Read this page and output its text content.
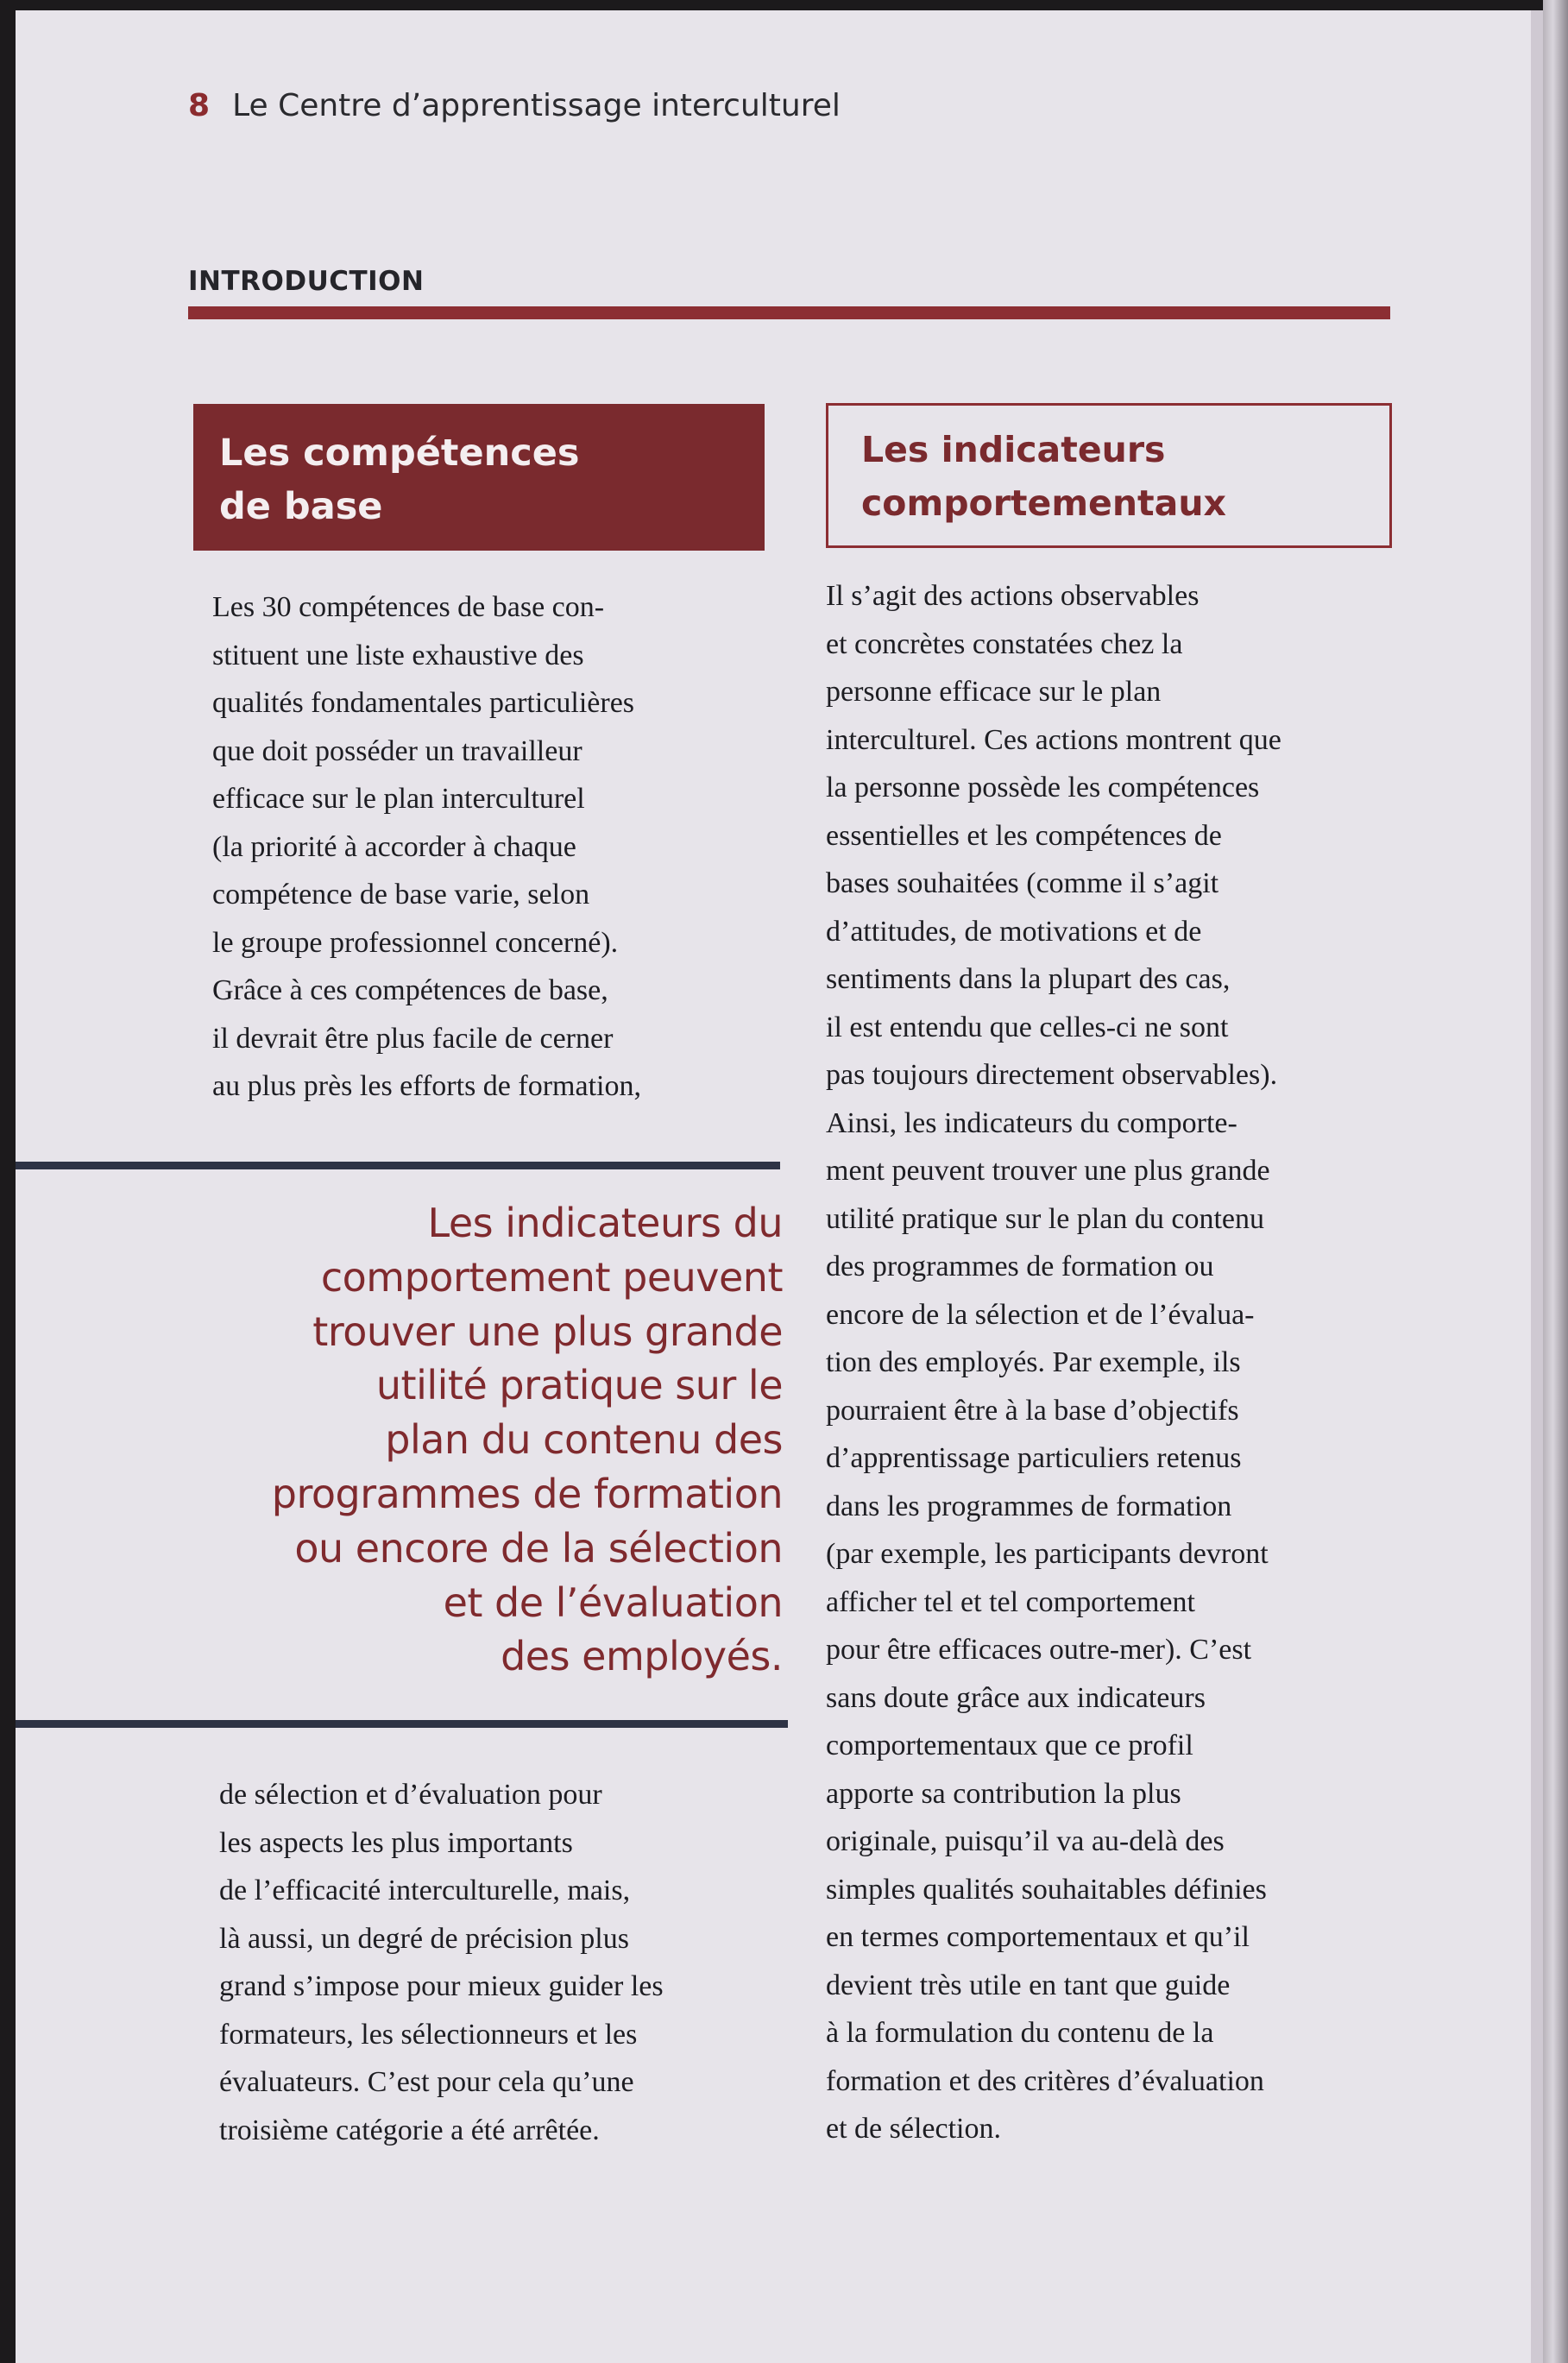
8 Le Centre d’apprentissage interculturel
INTRODUCTION
Les compétences
de base
Les indicateurs
comportementaux

Les 30 compétences de base con-

stituent une liste exhaustive des

qualités fondamentales particulières

que doit posséder un travailleur

efficace sur le plan interculturel

(la priorité à accorder à chaque

compétence de base varie, selon

le groupe professionnel concerné).

Grâce à ces compétences de base,

il devrait être plus facile de cerner

au plus près les efforts de formation,

Les indicateurs du

comportement peuvent

trouver une plus grande

utilité pratique sur le

plan du contenu des

programmes de formation

ou encore de la sélection

et de l’évaluation

des employés.

de sélection et d’évaluation pour

les aspects les plus importants

de l’efficacité interculturelle, mais,

là aussi, un degré de précision plus

grand s’impose pour mieux guider les

formateurs, les sélectionneurs et les

évaluateurs. C’est pour cela qu’une

troisième catégorie a été arrêtée.

Il s’agit des actions observables

et concrètes constatées chez la

personne efficace sur le plan

interculturel. Ces actions montrent que

la personne possède les compétences

essentielles et les compétences de

bases souhaitées (comme il s’agit

d’attitudes, de motivations et de

sentiments dans la plupart des cas,

il est entendu que celles-ci ne sont

pas toujours directement observables).

Ainsi, les indicateurs du comporte-

ment peuvent trouver une plus grande

utilité pratique sur le plan du contenu

des programmes de formation ou

encore de la sélection et de l’évalua-

tion des employés. Par exemple, ils

pourraient être à la base d’objectifs

d’apprentissage particuliers retenus

dans les programmes de formation

(par exemple, les participants devront

afficher tel et tel comportement

pour être efficaces outre-mer). C’est

sans doute grâce aux indicateurs

comportementaux que ce profil

apporte sa contribution la plus

originale, puisqu’il va au-delà des

simples qualités souhaitables définies

en termes comportementaux et qu’il

devient très utile en tant que guide

à la formulation du contenu de la

formation et des critères d’évaluation

et de sélection.
